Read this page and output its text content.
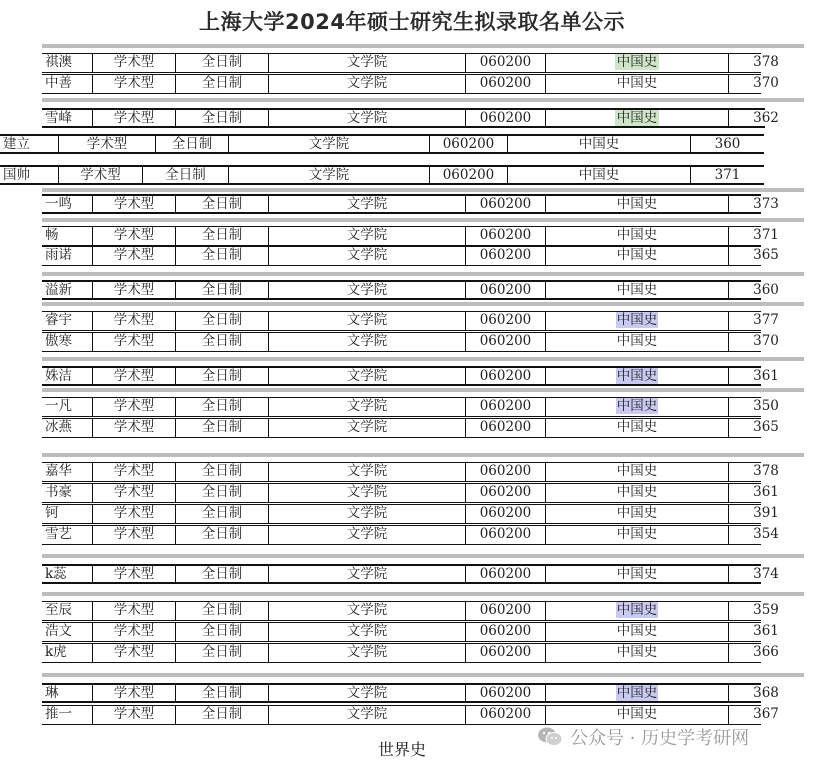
上海大学2024年硕士研究生拟录取名单公示
祺澳	学术型	全日制	文学院	060200	中国史	378
中善	学术型	全日制	文学院	060200	中国史	370
雪峰	学术型	全日制	文学院	060200	中国史	362
建立	学术型	全日制	文学院	060200	中国史	360
国帅	学术型	全日制	文学院	060200	中国史	371
一鸣	学术型	全日制	文学院	060200	中国史	373
畅	学术型	全日制	文学院	060200	中国史	371
雨诺	学术型	全日制	文学院	060200	中国史	365
溢新	学术型	全日制	文学院	060200	中国史	360
睿宇	学术型	全日制	文学院	060200	中国史	377
傲寒	学术型	全日制	文学院	060200	中国史	370
姝洁	学术型	全日制	文学院	060200	中国史	361
一凡	学术型	全日制	文学院	060200	中国史	350
冰燕	学术型	全日制	文学院	060200	中国史	365
嘉华	学术型	全日制	文学院	060200	中国史	378
书豪	学术型	全日制	文学院	060200	中国史	361
钶	学术型	全日制	文学院	060200	中国史	391
雪艺	学术型	全日制	文学院	060200	中国史	354
k蕊	学术型	全日制	文学院	060200	中国史	374
至辰	学术型	全日制	文学院	060200	中国史	359
浩文	学术型	全日制	文学院	060200	中国史	361
k虎	学术型	全日制	文学院	060200	中国史	366
琳	学术型	全日制	文学院	060200	中国史	368
推一	学术型	全日制	文学院	060200	中国史	367
世界史
公众号 · 历史学考研网
